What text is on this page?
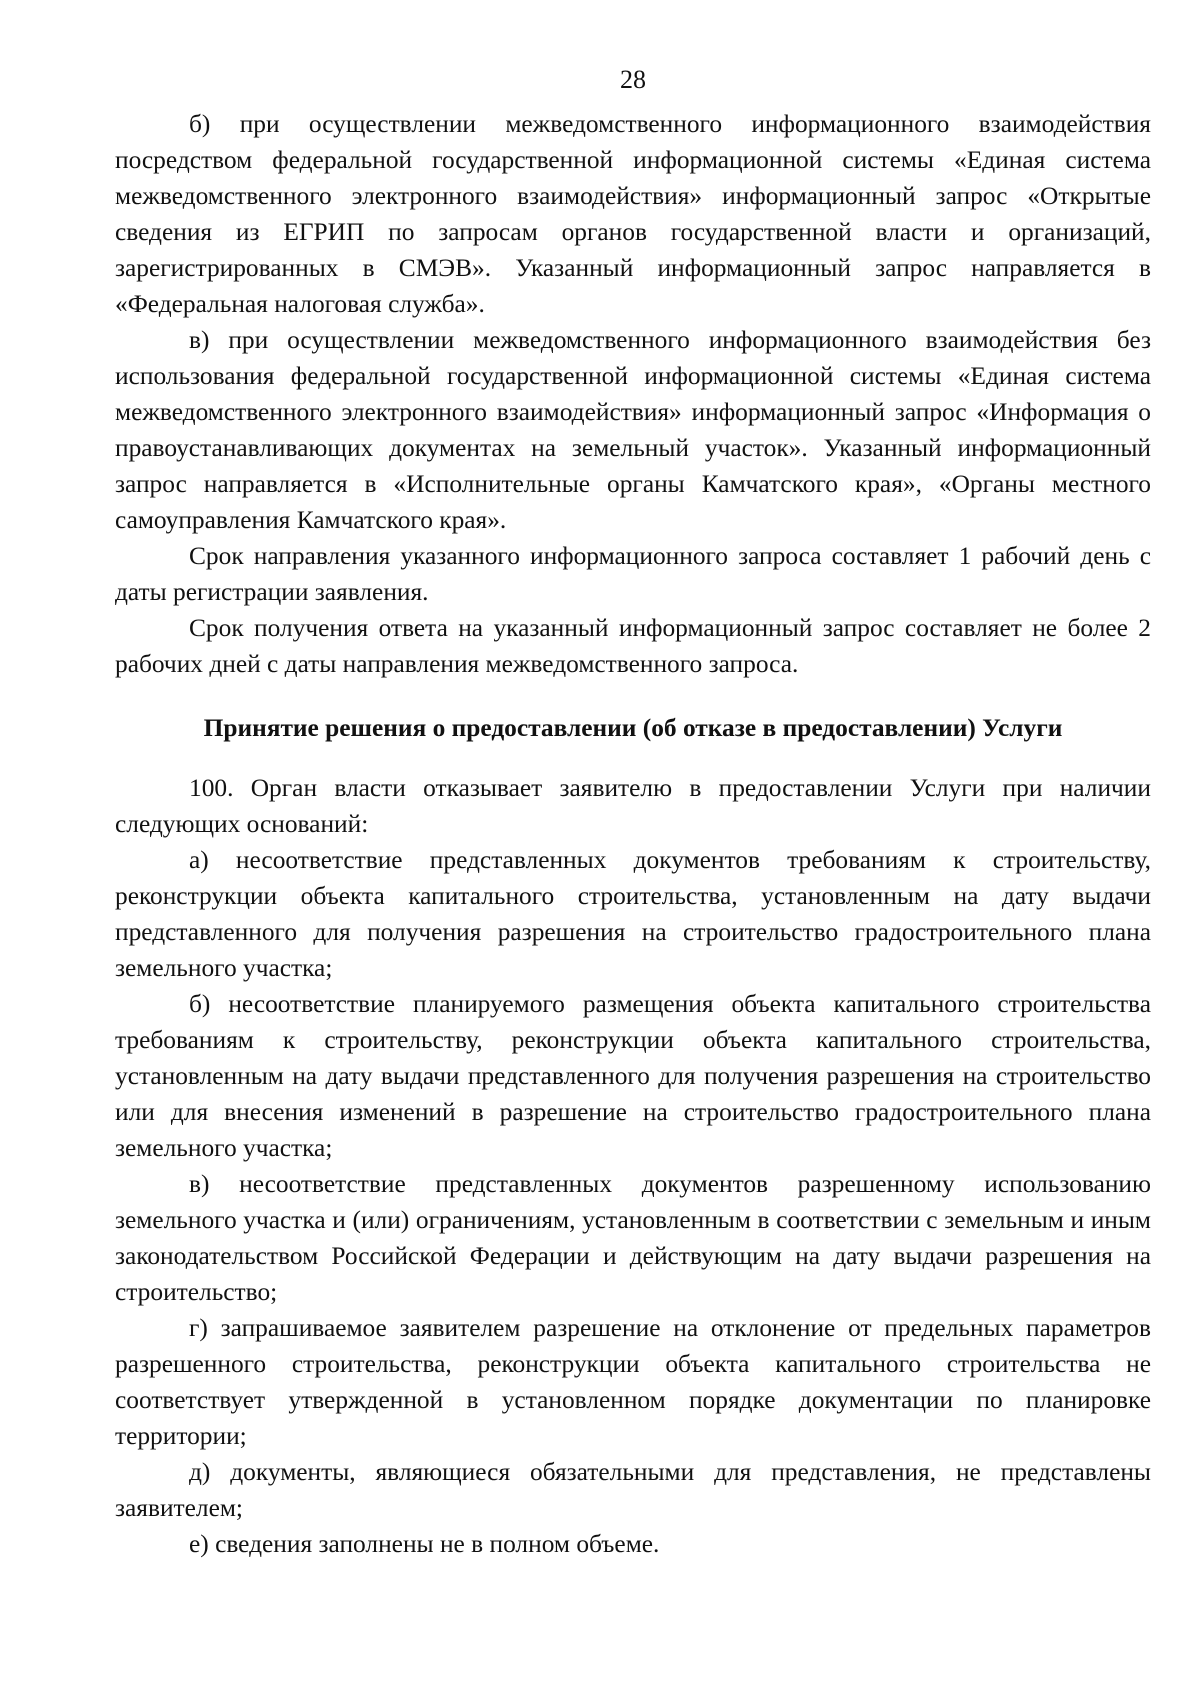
28

б) при осуществлении межведомственного информационного взаимодействия посредством федеральной государственной информационной системы «Единая система межведомственного электронного взаимодействия» информационный запрос «Открытые сведения из ЕГРИП по запросам органов государственной власти и организаций, зарегистрированных в СМЭВ». Указанный информационный запрос направляется в «Федеральная налоговая служба».

в) при осуществлении межведомственного информационного взаимодействия без использования федеральной государственной информационной системы «Единая система межведомственного электронного взаимодействия» информационный запрос «Информация о правоустанавливающих документах на земельный участок». Указанный информационный запрос направляется в «Исполнительные органы Камчатского края», «Органы местного самоуправления Камчатского края».

Срок направления указанного информационного запроса составляет 1 рабочий день с даты регистрации заявления.

Срок получения ответа на указанный информационный запрос составляет не более 2 рабочих дней с даты направления межведомственного запроса.

Принятие решения о предоставлении (об отказе в предоставлении) Услуги

100. Орган власти отказывает заявителю в предоставлении Услуги при наличии следующих оснований:

а) несоответствие представленных документов требованиям к строительству, реконструкции объекта капитального строительства, установленным на дату выдачи представленного для получения разрешения на строительство градостроительного плана земельного участка;

б) несоответствие планируемого размещения объекта капитального строительства требованиям к строительству, реконструкции объекта капитального строительства, установленным на дату выдачи представленного для получения разрешения на строительство или для внесения изменений в разрешение на строительство градостроительного плана земельного участка;

в) несоответствие представленных документов разрешенному использованию земельного участка и (или) ограничениям, установленным в соответствии с земельным и иным законодательством Российской Федерации и действующим на дату выдачи разрешения на строительство;

г) запрашиваемое заявителем разрешение на отклонение от предельных параметров разрешенного строительства, реконструкции объекта капитального строительства не соответствует утвержденной в установленном порядке документации по планировке территории;

д) документы, являющиеся обязательными для представления, не представлены заявителем;

е) сведения заполнены не в полном объеме.
